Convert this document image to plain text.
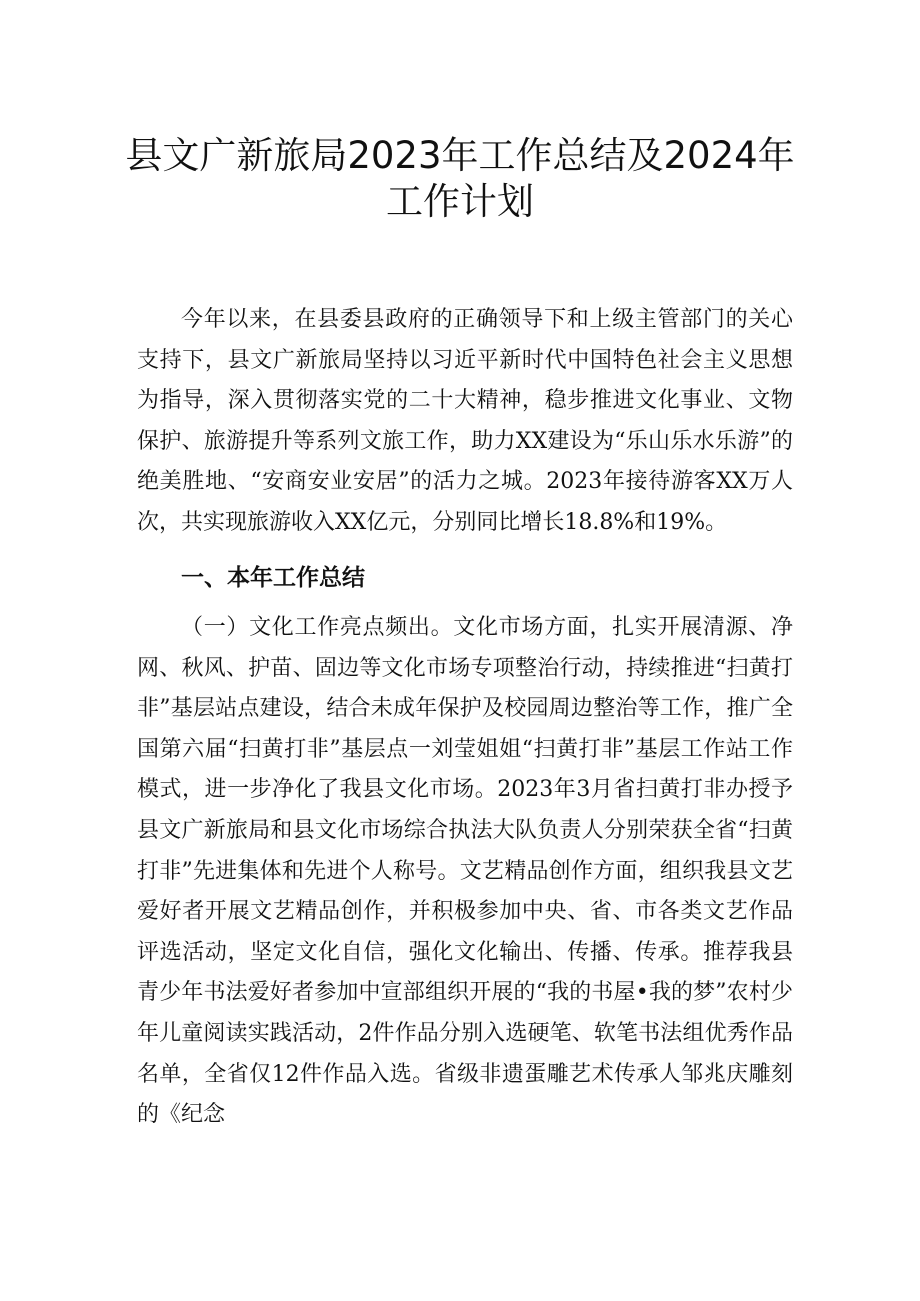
县文广新旅局2023年工作总结及2024年
工作计划

今年以来，在县委县政府的正确领导下和上级主管部门的关心支持下，县文广新旅局坚持以习近平新时代中国特色社会主义思想为指导，深入贯彻落实党的二十大精神，稳步推进文化事业、文物保护、旅游提升等系列文旅工作，助力XX建设为“乐山乐水乐游”的绝美胜地、“安商安业安居”的活力之城。2023年接待游客XX万人次，共实现旅游收入XX亿元，分别同比增长18.8%和19%。

一、本年工作总结

（一）文化工作亮点频出。文化市场方面，扎实开展清源、净网、秋风、护苗、固边等文化市场专项整治行动，持续推进“扫黄打非”基层站点建设，结合未成年保护及校园周边整治等工作，推广全国第六届“扫黄打非”基层点一刘莹姐姐“扫黄打非”基层工作站工作模式，进一步净化了我县文化市场。2023年3月省扫黄打非办授予县文广新旅局和县文化市场综合执法大队负责人分别荣获全省“扫黄打非”先进集体和先进个人称号。文艺精品创作方面，组织我县文艺爱好者开展文艺精品创作，并积极参加中央、省、市各类文艺作品评选活动，坚定文化自信，强化文化输出、传播、传承。推荐我县青少年书法爱好者参加中宣部组织开展的“我的书屋•我的梦”农村少年儿童阅读实践活动，2件作品分别入选硬笔、软笔书法组优秀作品名单，全省仅12件作品入选。省级非遗蛋雕艺术传承人邹兆庆雕刻的《纪念
